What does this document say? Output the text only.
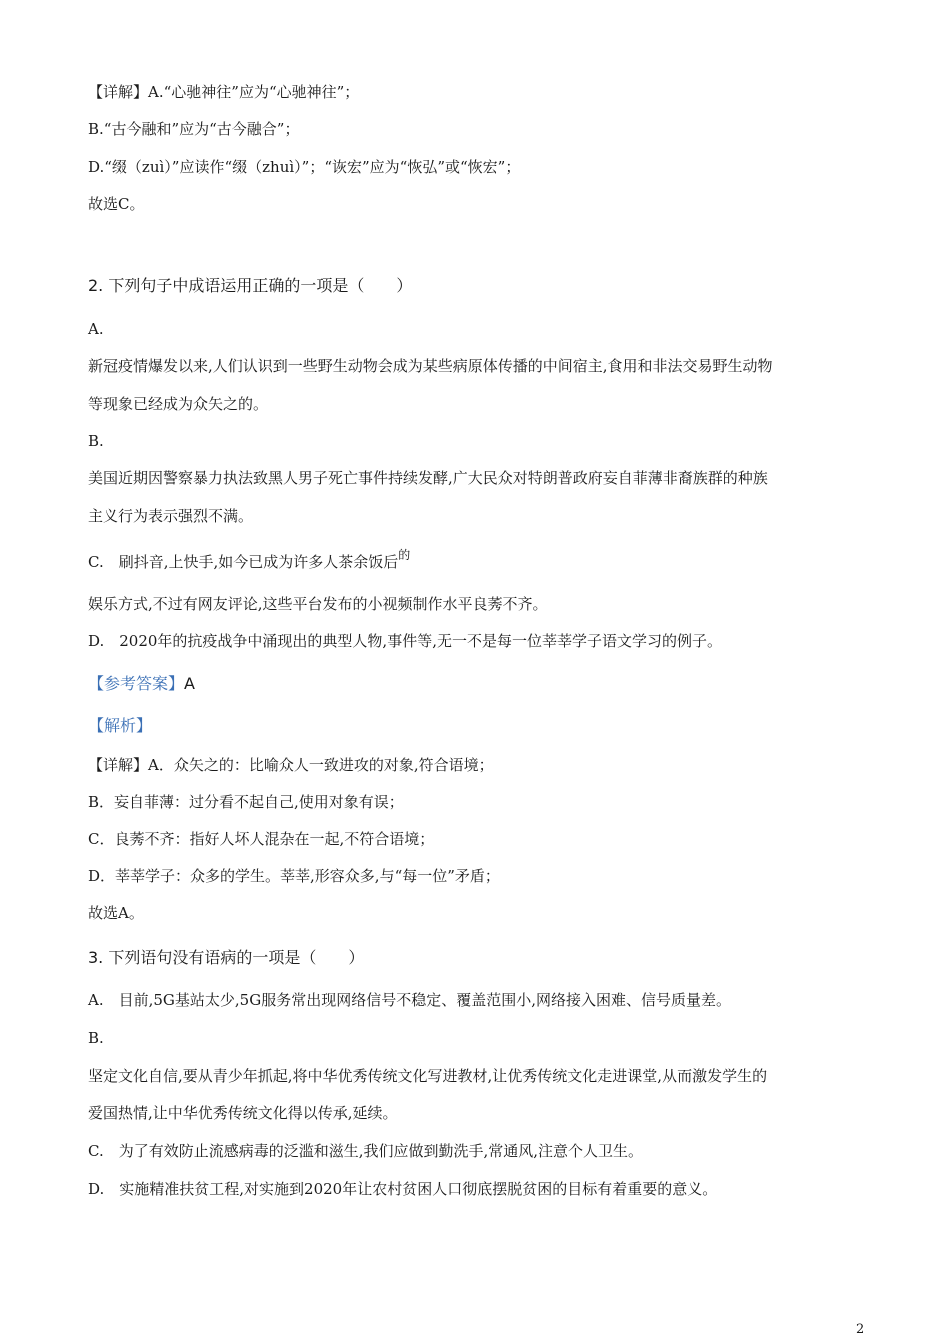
【详解】A.“心驰神往”应为“心驰神往”；
B.“古今融和”应为“古今融合”；
D.“缀（zuì）”应读作“缀（zhuì）”；“诙宏”应为“恢弘”或“恢宏”；
故选C。
2. 下列句子中成语运用正确的一项是（　　）
A.
新冠疫情爆发以来,人们认识到一些野生动物会成为某些病原体传播的中间宿主,食用和非法交易野生动物
等现象已经成为众矢之的。
B.
美国近期因警察暴力执法致黑人男子死亡事件持续发酵,广大民众对特朗普政府妄自菲薄非裔族群的种族
主义行为表示强烈不满。
C.　刷抖音,上快手,如今已成为许多人茶余饭后$^的$
娱乐方式,不过有网友评论,这些平台发布的小视频制作水平良莠不齐。
D.　2020年的抗疫战争中涌现出的典型人物,事件等,无一不是每一位莘莘学子语文学习的例子。
【参考答案】A
【解析】
【详解】A．众矢之的：比喻众人一致进攻的对象,符合语境；
B．妄自菲薄：过分看不起自己,使用对象有误；
C．良莠不齐：指好人坏人混杂在一起,不符合语境；
D．莘莘学子：众多的学生。莘莘,形容众多,与“每一位”矛盾；
故选A。
3. 下列语句没有语病的一项是（　　）
A.　目前,5G基站太少,5G服务常出现网络信号不稳定、覆盖范围小,网络接入困难、信号质量差。
B.
坚定文化自信,要从青少年抓起,将中华优秀传统文化写进教材,让优秀传统文化走进课堂,从而激发学生的
爱国热情,让中华优秀传统文化得以传承,延续。
C.　为了有效防止流感病毒的泛滥和滋生,我们应做到勤洗手,常通风,注意个人卫生。
D.　实施精准扶贫工程,对实施到2020年让农村贫困人口彻底摆脱贫困的目标有着重要的意义。
2
